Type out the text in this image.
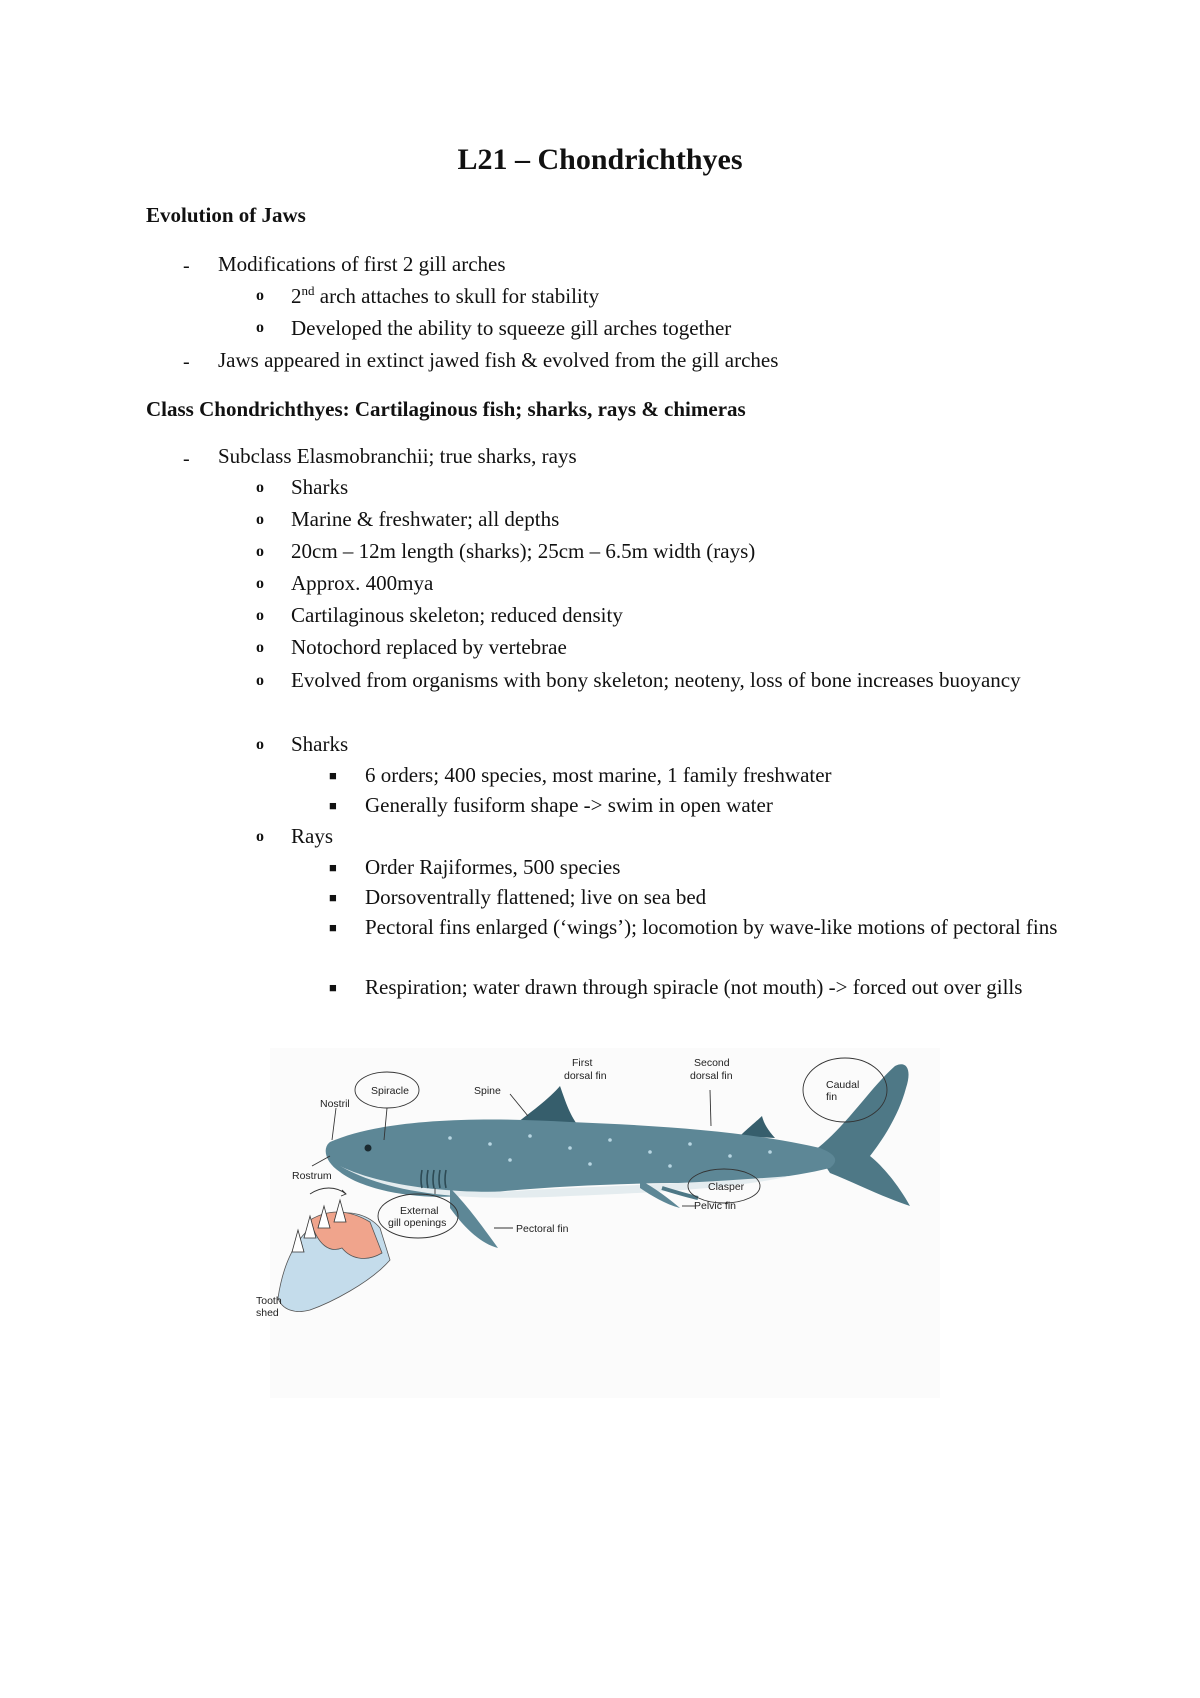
L21 – Chondrichthyes

Evolution of Jaws

- Modifications of first 2 gill arches
o 2nd arch attaches to skull for stability
o Developed the ability to squeeze gill arches together
- Jaws appeared in extinct jawed fish & evolved from the gill arches

Class Chondrichthyes: Cartilaginous fish; sharks, rays & chimeras

- Subclass Elasmobranchii; true sharks, rays
o Sharks
o Marine & freshwater; all depths
o 20cm – 12m length (sharks); 25cm – 6.5m width (rays)
o Approx. 400mya
o Cartilaginous skeleton; reduced density
o Notochord replaced by vertebrae
o Evolved from organisms with bony skeleton; neoteny, loss of bone increases buoyancy
o Sharks
■ 6 orders; 400 species, most marine, 1 family freshwater
■ Generally fusiform shape -> swim in open water
o Rays
■ Order Rajiformes, 500 species
■ Dorsoventrally flattened; live on sea bed
■ Pectoral fins enlarged (‘wings’); locomotion by wave-like motions of pectoral fins
■ Respiration; water drawn through spiracle (not mouth) -> forced out over gills
Spiracle
Nostril
Rostrum
Spine
First
dorsal fin
Second
dorsal fin
Caudal
fin
Clasper
Pelvic fin
External
gill openings	Pectoral fin
Tooth
shed
